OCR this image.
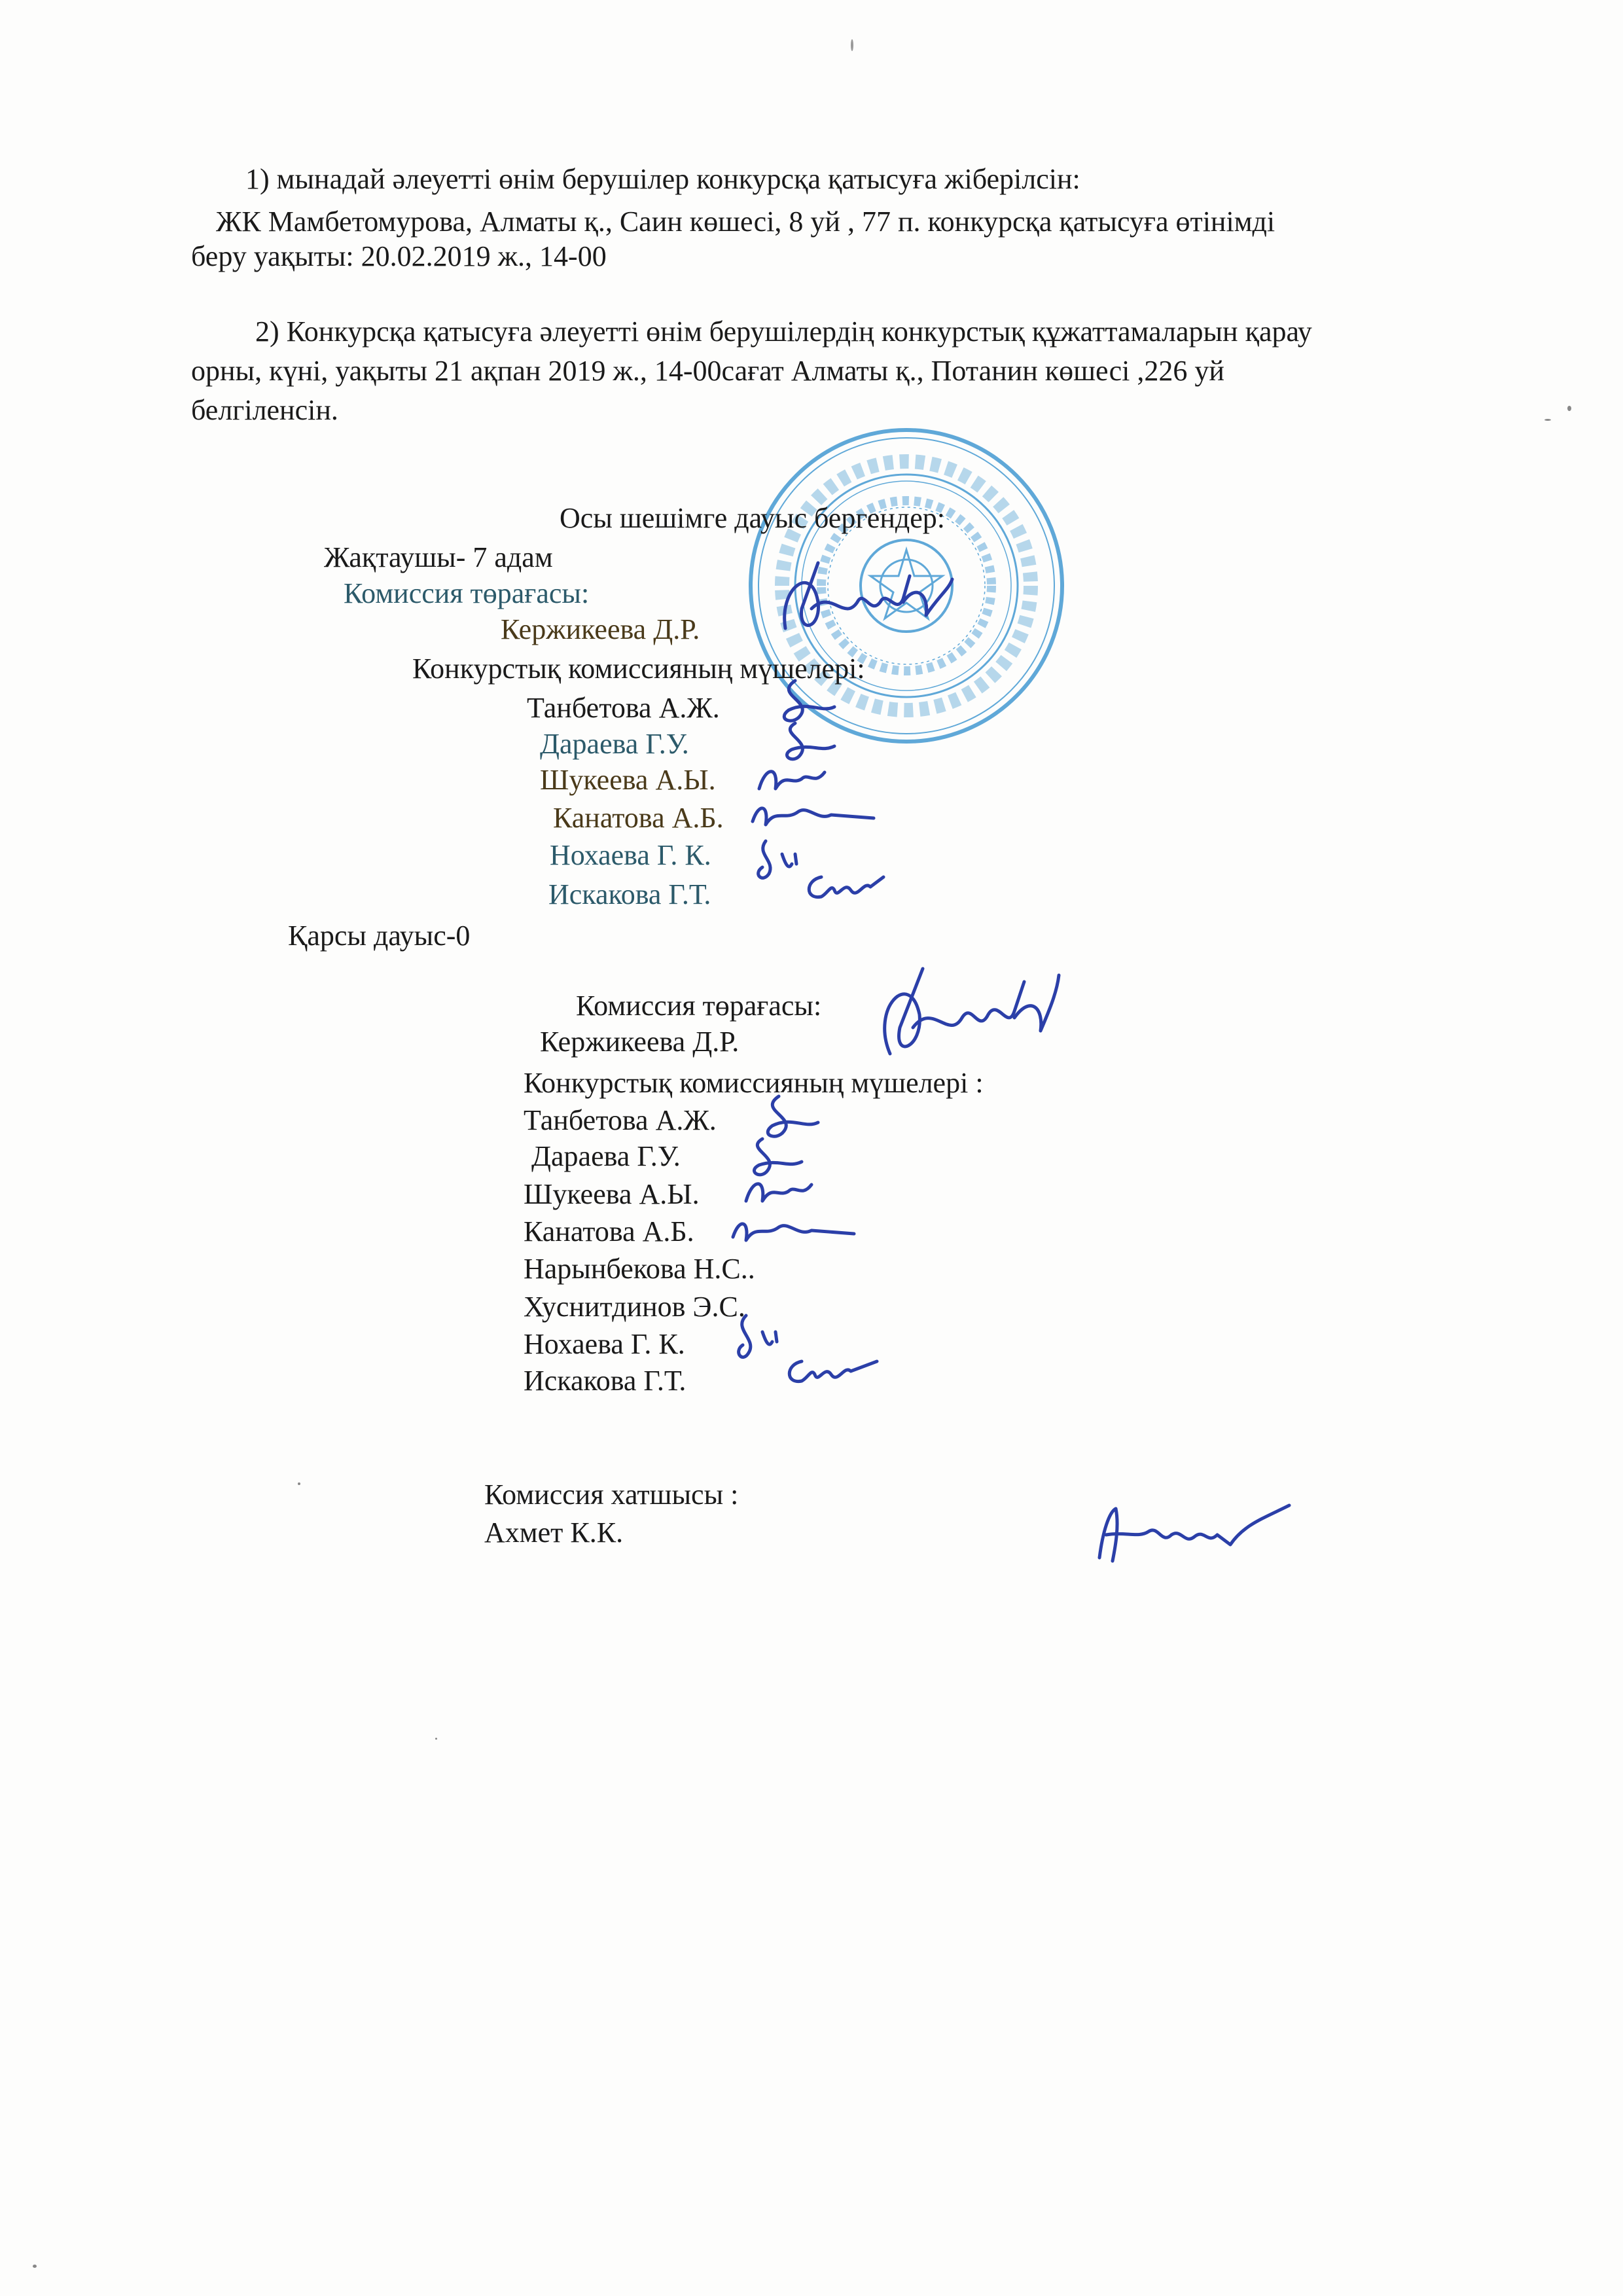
1) мынадай әлеуетті өнім берушілер конкурсқа қатысуға жіберілсін:
ЖК Мамбетомурова, Алматы қ., Саин көшесі, 8 уй , 77 п. конкурсқа қатысуға өтінімді
беру уақыты: 20.02.2019 ж., 14-00
2) Конкурсқа қатысуға әлеуетті өнім берушілердің конкурстық құжаттамаларын қарау
орны, күні, уақыты 21 ақпан 2019 ж., 14-00сағат Алматы қ., Потанин көшесі ,226 уй
белгіленсін.
Осы шешімге дауыс бергендер:
Жақтаушы- 7 адам
Комиссия төрағасы:
Кержикеева Д.Р.
Конкурстық комиссияның мүшелері:
Танбетова А.Ж.
Дараева Г.У.
Шукеева А.Ы.
Канатова А.Б.
Нохаева Г. К.
Искакова Г.Т.
Қарсы дауыс-0
Комиссия төрағасы:
Кержикеева Д.Р.
Конкурстық комиссияның мүшелері :
Танбетова А.Ж.
Дараева Г.У.
Шукеева А.Ы.
Канатова А.Б.
Нарынбекова Н.С..
Хуснитдинов Э.С.
Нохаева Г. К.
Искакова Г.Т.
Комиссия хатшысы :
Ахмет К.К.
